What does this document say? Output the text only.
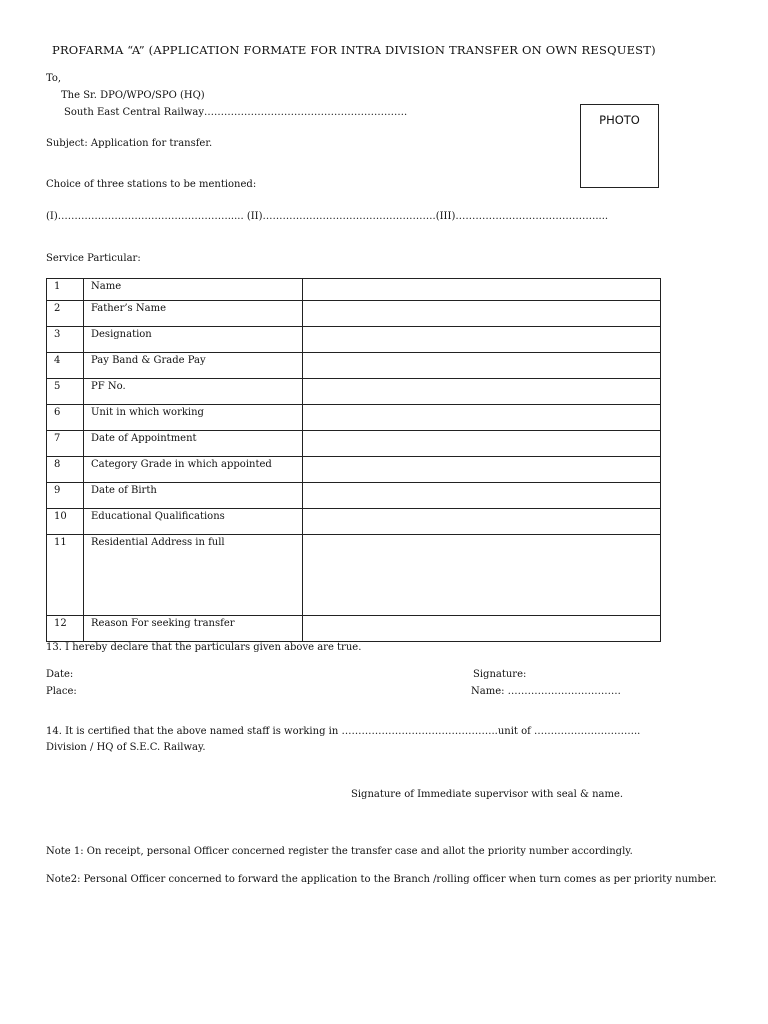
PROFARMA “A” (APPLICATION FORMATE FOR INTRA DIVISION TRANSFER ON OWN RESQUEST)
To,
The Sr. DPO/WPO/SPO (HQ)
South East Central Railway…………………………………………………….
PHOTO
Subject: Application for transfer.
Choice of three stations to be mentioned:
(I)……………………………………………..... (II)…………………………………………….(III)……………………………………....
Service Particular:
1	Name	
2	Father’s Name	
3	Designation	
4	Pay Band & Grade Pay	
5	PF No.	
6	Unit in which working	
7	Date of Appointment	
8	Category Grade in which appointed	
9	Date of Birth	
10	Educational Qualifications	
11	Residential Address in full	
12	Reason For seeking transfer	
13. I hereby declare that the particulars given above are true.
Date:	Signature:
Place:	Name: …………………………….
14. It is certified that the above named staff is working in ………………………………………..unit of …………………………..
Division / HQ of S.E.C. Railway.
Signature of Immediate supervisor with seal & name.
Note 1: On receipt, personal Officer concerned register the transfer case and allot the priority number accordingly.
Note2: Personal Officer concerned to forward the application to the Branch /rolling officer when turn comes as per priority number.
